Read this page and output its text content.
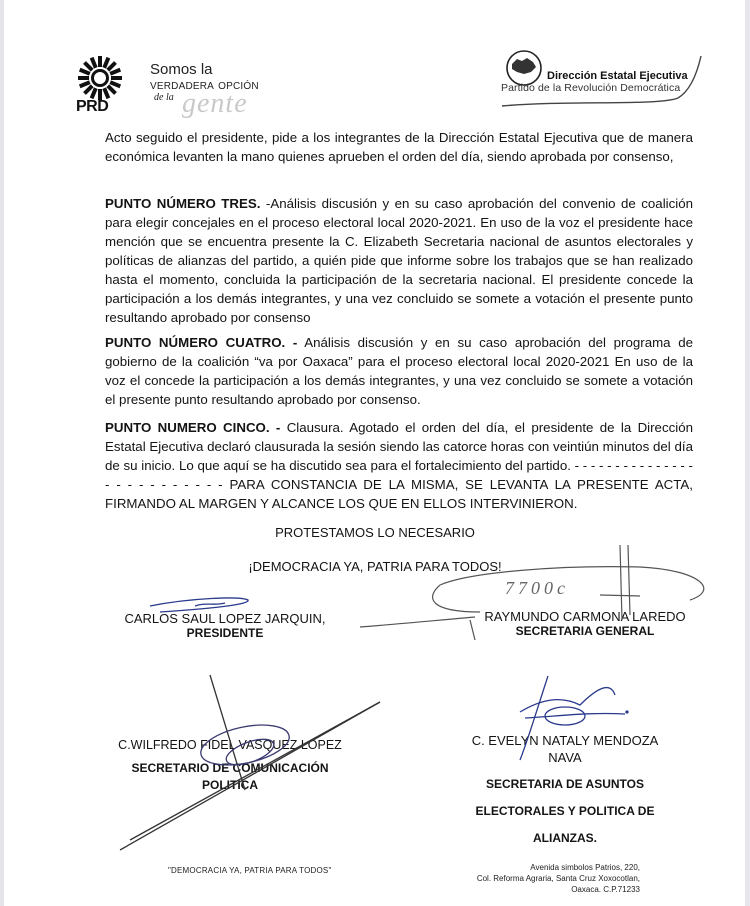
PRD
Somos la
verdadera opción
de la gente
Dirección Estatal Ejecutiva
Partido de la Revolución Democrática
Acto seguido el presidente, pide a los integrantes de la Dirección Estatal Ejecutiva que de manera económica levanten la mano quienes aprueben el orden del día, siendo aprobada por consenso,
PUNTO NÚMERO TRES. -Análisis discusión y en su caso aprobación del convenio de coalición para elegir concejales en el proceso electoral local 2020-2021. En uso de la voz el presidente hace mención que se encuentra presente la C. Elizabeth Secretaria nacional de asuntos electorales y políticas de alianzas del partido, a quién pide que informe sobre los trabajos que se han realizado hasta el momento, concluida la participación de la secretaria nacional. El presidente concede la participación a los demás integrantes, y una vez concluido se somete a votación el presente punto resultando aprobado por consenso
PUNTO NÚMERO CUATRO. - Análisis discusión y en su caso aprobación del programa de gobierno de la coalición “va por Oaxaca” para el proceso electoral local 2020-2021 En uso de la voz el concede la participación a los demás integrantes, y una vez concluido se somete a votación el presente punto resultando aprobado por consenso.
PUNTO NUMERO CINCO. - Clausura. Agotado el orden del día, el presidente de la Dirección Estatal Ejecutiva declaró clausurada la sesión siendo las catorce horas con veintiún minutos del día de su inicio. Lo que aquí se ha discutido sea para el fortalecimiento del partido. - - - - - - - - - - - - - - - - - - - - - - - - - - PARA CONSTANCIA DE LA MISMA, SE LEVANTA LA PRESENTE ACTA, FIRMANDO AL MARGEN Y ALCANCE LOS QUE EN ELLOS INTERVINIERON.
PROTESTAMOS LO NECESARIO
¡DEMOCRACIA YA, PATRIA PARA TODOS!
CARLOS SAUL LOPEZ JARQUIN,
PRESIDENTE
RAYMUNDO CARMONA LAREDO
SECRETARIA GENERAL
C.WILFREDO FIDEL VASQUEZ LOPEZ
SECRETARIO DE COMUNICACIÓN
POLITICA
C. EVELYN NATALY MENDOZA
NAVA
SECRETARIA DE ASUNTOS
ELECTORALES Y POLITICA DE
ALIANZAS.
7700c
"DEMOCRACIA YA, PATRIA PARA TODOS"	Avenida simbolos Patrios, 220,
Col. Reforma Agraria, Santa Cruz Xoxocotlan,
Oaxaca. C.P.71233
